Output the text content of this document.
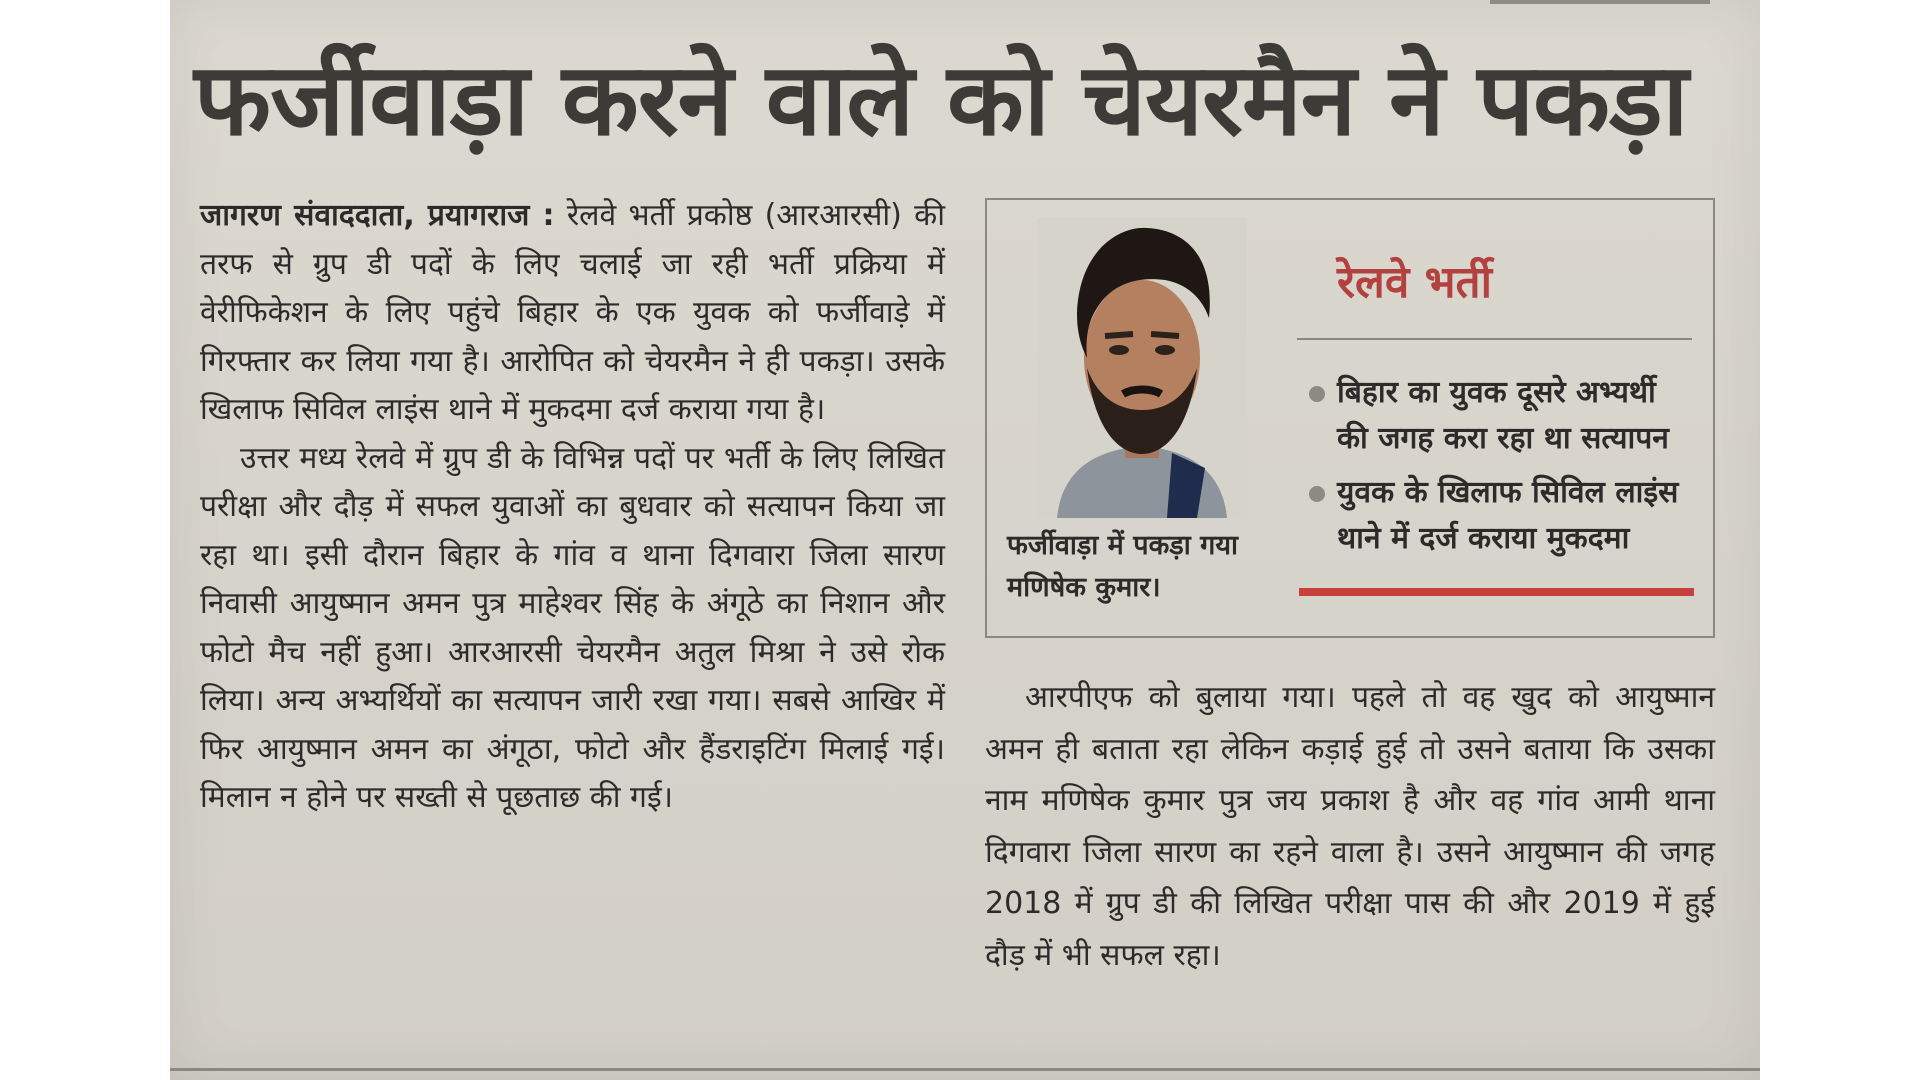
फर्जीवाड़ा करने वाले को चेयरमैन ने पकड़ा

जागरण संवाददाता, प्रयागराज : रेलवे भर्ती प्रकोष्ठ (आरआरसी) की तरफ से ग्रुप डी पदों के लिए चलाई जा रही भर्ती प्रक्रिया में वेरीफिकेशन के लिए पहुंचे बिहार के एक युवक को फर्जीवाड़े में गिरफ्तार कर लिया गया है। आरोपित को चेयरमैन ने ही पकड़ा। उसके खिलाफ सिविल लाइंस थाने में मुकदमा दर्ज कराया गया है।

उत्तर मध्य रेलवे में ग्रुप डी के विभिन्न पदों पर भर्ती के लिए लिखित परीक्षा और दौड़ में सफल युवाओं का बुधवार को सत्यापन किया जा रहा था। इसी दौरान बिहार के गांव व थाना दिगवारा जिला सारण निवासी आयुष्मान अमन पुत्र माहेश्वर सिंह के अंगूठे का निशान और फोटो मैच नहीं हुआ। आरआरसी चेयरमैन अतुल मिश्रा ने उसे रोक लिया। अन्य अभ्यर्थियों का सत्यापन जारी रखा गया। सबसे आखिर में फिर आयुष्मान अमन का अंगूठा, फोटो और हैंडराइटिंग मिलाई गई। मिलान न होने पर सख्ती से पूछताछ की गई।

फर्जीवाड़ा में पकड़ा गया मणिषेक कुमार।
रेलवे भर्ती
बिहार का युवक दूसरे अभ्यर्थी की जगह करा रहा था सत्यापन
युवक के खिलाफ सिविल लाइंस थाने में दर्ज कराया मुकदमा

आरपीएफ को बुलाया गया। पहले तो वह खुद को आयुष्मान अमन ही बताता रहा लेकिन कड़ाई हुई तो उसने बताया कि उसका नाम मणिषेक कुमार पुत्र जय प्रकाश है और वह गांव आमी थाना दिगवारा जिला सारण का रहने वाला है। उसने आयुष्मान की जगह 2018 में ग्रुप डी की लिखित परीक्षा पास की और 2019 में हुई दौड़ में भी सफल रहा।
